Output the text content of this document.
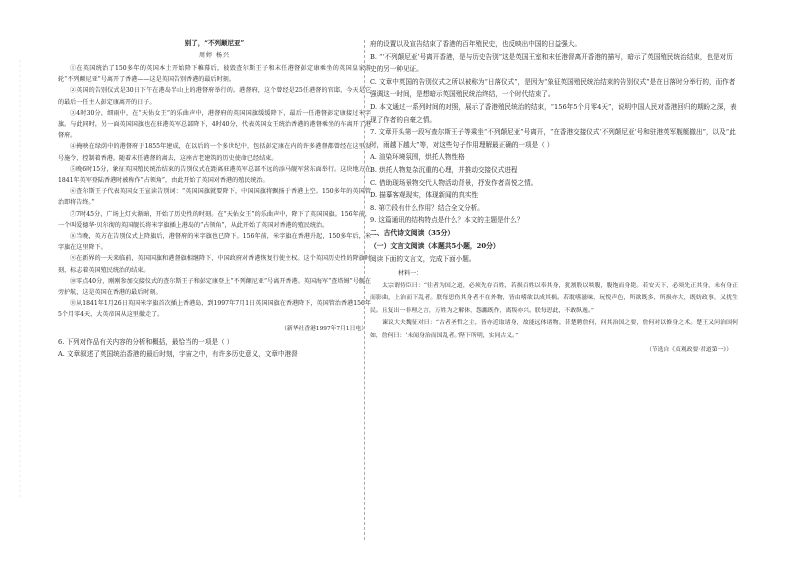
别了，“不列颠尼亚”
周婷 杨兴

①在英国统治了150多年的英国本土开始降下帷幕后，彼毁查尔斯王子和末任港督彭定康乘坐的英国皇家游轮“不列颠尼亚”号离开了香港——这是英国告别香港的最后时刻。

②英国的告别仪式是30日下午在港岛半山上的港督府举行的。港督府，这个曾经是25任港督的官邸，今天是它的最后一任主人彭定康离开的日子。

③4时30分，细雨中，在“天佑女王”的乐曲声中，港督府的英国国旗缓缓降下，最后一任港督彭定康接过米字旗。与此同时，另一面英国国旗也在驻港英军总部降下，4时40分，代表英国女王统治香港的港督乘坐的车离开了港督府。

④掩映在绿荫中的港督府于1855年建成，在以后的一个多世纪中，包括彭定康在内的许多港督都曾经在这里发号施令，控制着香港。随着末任港督的离去，这座古老建筑的历史使命已经结束。

⑤晚6时15分，象征英国殖民统治结束的告别仪式在距离驻港英军总部不远的添马舰军营东面举行。这块地方在1841年英军登陆香港时被称作“占领角”，由此开始了英国对香港的殖民统治。

⑥查尔斯王子代表英国女王宣读告别词：“英国国旗就要降下，中国国旗将飘扬于香港上空。150多年的英国管治即将告终。”

⑦7时45分，广场上灯火渐暗，开始了历史性的时刻。在“天佑女王”的乐曲声中，降下了英国国旗。156年前，一个叫爱德华·贝尔彻的英国舰长将米字旗插上港岛的“占领角”，从此开始了英国对香港的殖民统治。

⑧当晚，英方在告别仪式上降旗后，港督府的米字旗也已降下。156年前，米字旗在香港升起，150多年后，米字旗在这里降下。

⑨在新界的一天来临前，英国国旗和港督旗相继降下，中国政府对香港恢复行使主权。这个英国历史性的降旗时刻，标志着英国殖民统治的结束。

⑩零点40分，刚刚参加交接仪式的查尔斯王子和彭定康登上“不列颠尼亚”号离开香港。英国海军“查塔姆”号舰在旁护航，这是英国在香港的最后时刻。

⑪从1841年1月26日英国米字旗首次插上香港岛，到1997年7月1日英国国旗在香港降下，英国管治香港156年5个月零4天，大英帝国从这里撤走了。

（新华社香港1997年7月1日电）

6. 下列对作品有关内容的分析和概括，最恰当的一项是（ ）

A. 文章叙述了英国统治香港的最后时刻，宇宙之中，有许多历史意义，文章中港督

府的设置以及宣告结束了香港的百年殖民史，也反映出中国的日益强大。

B. “‘不列颠尼亚’号离开香港，是与历史告别”这是英国王室和末任港督离开香港的描写，暗示了英国殖民统治结束，也是对历史的另一种见证。

C. 文章中英国的告别仪式之所以被称为“日落仪式”，是因为“象征英国殖民统治结束的告别仪式”是在日落时分举行的，而作者强调这一时间，是想暗示英国殖民统治终结，一个时代结束了。

D. 本文通过一系列时间的对照，展示了香港殖民统治的结束，“156年5个月零4天”，说明中国人民对香港回归的期盼之深，表现了作者的自豪之情。

7. 文章开头第一段写查尔斯王子等乘坐“不列颠尼亚”号离开，“在香港交接仪式‘不列颠尼亚’号和驻港英军舰艇撤出”，以及“此时，雨越下越大”等，对这些句子作用理解最正确的一项是（ ）

A. 渲染环境氛围，烘托人物性格

B. 烘托人物复杂沉重的心理，并推动交接仪式进程

C. 借助现场景物交代人物活动背景，抒发作者喜悦之情。

D. 描摹客观现实，体现新闻的真实性

8. 第⑦段有什么作用？结合全文分析。

9. 这篇通讯的结构特点是什么？本文的主题是什么？

二、古代诗文阅读（35分）

（一）文言文阅读（本题共5小题，20分）

阅读下面的文言文，完成下面小题。

材料一：

太宗谓侍臣曰：“往者为国之道，必须先存百姓，若损百姓以奉其身，犹割股以啖腹，腹饱而身毙。若安天下，必须先正其身，未有身正而影曲，上治而下乱者。朕每思伤其身者不在外物，皆由嗜欲以成其祸。若耽嗜滋味，玩悦声色，所欲既多，所损亦大，既妨政事，又扰生民。且复出一非理之言，万姓为之解体，怨讟既作，离叛亦兴。朕每思此，不敢纵逸。”

谏议大夫魏征对曰：“古者圣哲之主，皆亦近取诸身，故能远体诸物。昔楚聘詹何，问其治国之要，詹何对以修身之术。楚王又问治国何如，詹何曰：‘未闻身治而国乱者。’陛下所明，实同古义。”

（节选自《贞观政要·君道第一》）
